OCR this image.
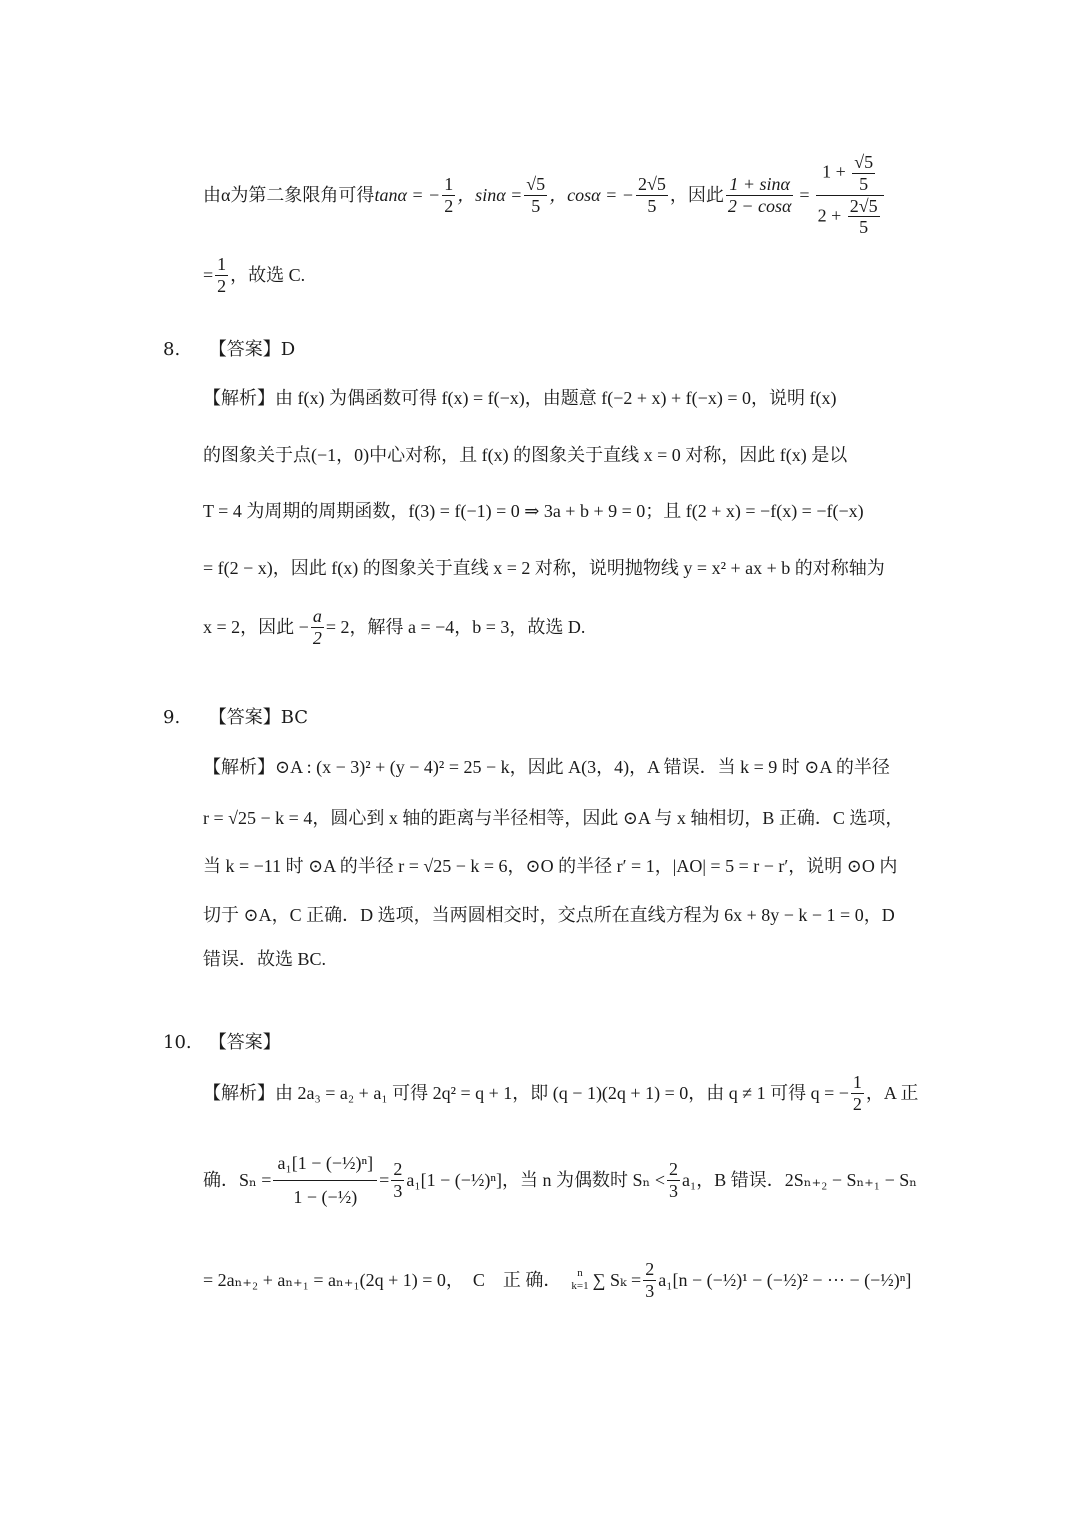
由α为第二象限角可得 tanα = − $\frac{1}{2}$ ，$\sin\alpha = \frac{√5}{5}$ ，cosα = − $\frac{2√5}{5}$ ，因此 $\frac{1 + \sin\alpha}{2 - \cos\alpha} = \frac{1 + \frac{√5}{5}}{2 + \frac{2√5}{5}}$
= $\frac{1}{2}$ ，故选 C.
8. 【答案】D
【解析】由 f(x) 为偶函数可得 f(x) = f(−x)，由题意 f(−2 + x) + f(−x) = 0，说明 f(x)
的图象关于点(−1，0)中心对称，且 f(x) 的图象关于直线 x = 0 对称，因此 f(x) 是以
T = 4 为周期的周期函数，f(3) = f(−1) = 0 ⇒ 3a + b + 9 = 0；且 f(2 + x) = −f(x) = −f(−x)
= f(2 − x)，因此 f(x) 的图象关于直线 x = 2 对称，说明抛物线 y = x² + ax + b 的对称轴为
x = 2，因此 − $\frac{a}{2} = 2$，解得 a = −4，b = 3，故选 D.
9. 【答案】BC
【解析】⊙A : (x − 3)² + (y − 4)² = 25 − k，因此 A(3，4)，A 错误．当 k = 9 时 ⊙A 的半径
r = √25 − k = 4，圆心到 x 轴的距离与半径相等，因此 ⊙A 与 x 轴相切，B 正确．C 选项，
当 k = −11 时 ⊙A 的半径 r = √25 − k = 6，⊙O 的半径 r′ = 1，|AO| = 5 = r − r′，说明 ⊙O 内
切于 ⊙A，C 正确．D 选项，当两圆相交时，交点所在直线方程为 6x + 8y − k − 1 = 0，D
错误．故选 BC.
10. 【答案】
【解析】 由 2a₃ = a₂ + a₁ 可得 2q² = q + 1，即 (q − 1)(2q + 1) = 0，由 q ≠ 1 可得 q = − $\frac{1}{2}$ ，A 正
确．$S_n = \frac{\text{a₁[1 − (−½)ⁿ]}}{\text{1 − (−½)}} = \frac{2}{3} a_1[1$ − (−½)ⁿ] ，当 n 为偶数时 $S_n < \frac{2}{3} a_1$，B 错误．2Sₙ₊₂ − Sₙ₊₁ − Sₙ
= 2aₙ₊₂ + aₙ₊₁ = aₙ₊₁(2q + 1) = 0，　C　正 确．	n
k=1 ∑ $S_k = \frac{2}{3} a_1[n$ − (−½)¹ − (−½)² − ··· − (−½)ⁿ]
